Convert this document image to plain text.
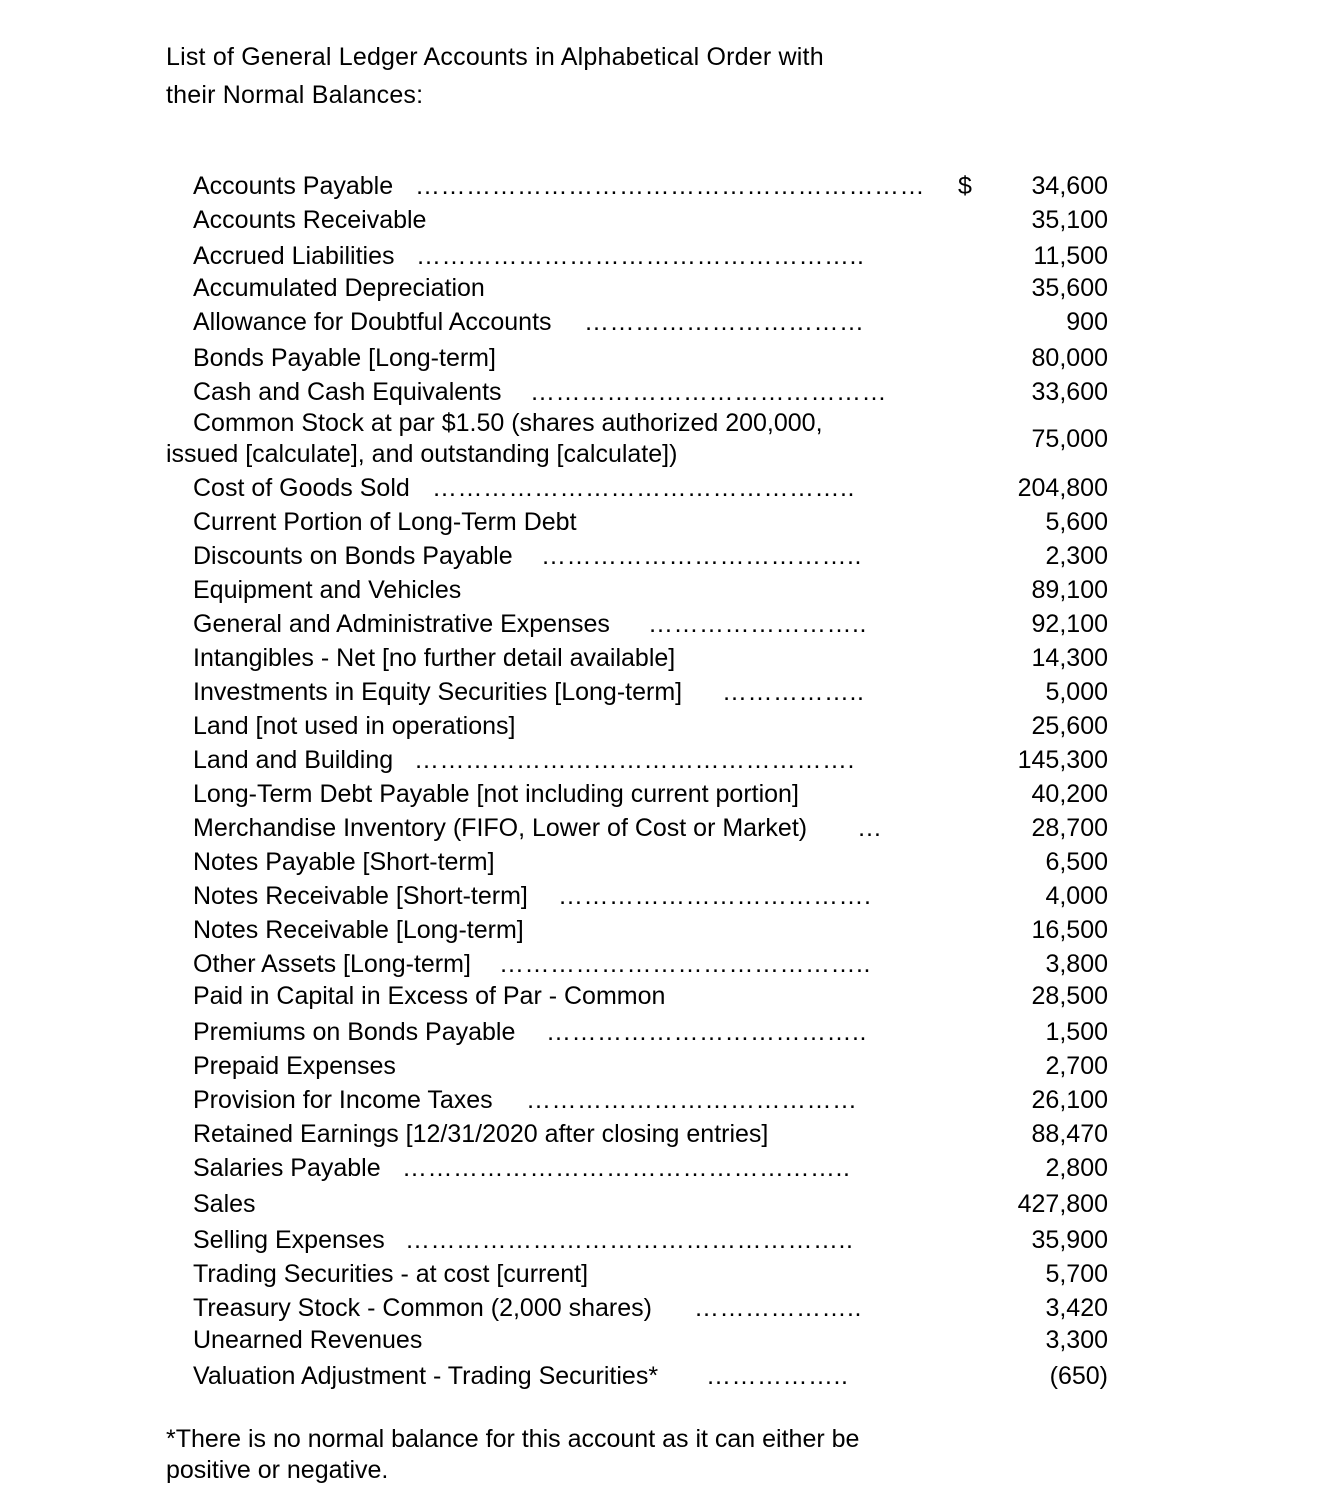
List of General Ledger Accounts in Alphabetical Order with
their Normal Balances:
Accounts Payable …………………………………………………… $ 34,600
Accounts Receivable	35,100
Accrued Liabilities ……………………………………………..	11,500
Accumulated Depreciation	35,600
Allowance for Doubtful Accounts ……………………………	900
Bonds Payable [Long-term]	80,000
Cash and Cash Equivalents ……………………………………	33,600
Common Stock at par $1.50 (shares authorized 200,000,
issued [calculate], and outstanding [calculate])
75,000
Cost of Goods Sold …………………………………………..	204,800
Current Portion of Long-Term Debt	5,600
Discounts on Bonds Payable ………………………………..	2,300
Equipment and Vehicles	89,100
General and Administrative Expenses ……………………..	92,100
Intangibles - Net [no further detail available]	14,300
Investments in Equity Securities [Long-term] ……………..	5,000
Land [not used in operations]	25,600
Land and Building …………………………………………….	145,300
Long-Term Debt Payable [not including current portion]	40,200
Merchandise Inventory (FIFO, Lower of Cost or Market) …	28,700
Notes Payable [Short-term]	6,500
Notes Receivable [Short-term] ……………………………….	4,000
Notes Receivable [Long-term]	16,500
Other Assets [Long-term] ……………………………………..	3,800
Paid in Capital in Excess of Par - Common	28,500
Premiums on Bonds Payable ………………………………..	1,500
Prepaid Expenses	2,700
Provision for Income Taxes …………………………………	26,100
Retained Earnings [12/31/2020 after closing entries]	88,470
Salaries Payable ……………………………………………..	2,800
Sales	427,800
Selling Expenses ……………………………………………..	35,900
Trading Securities - at cost [current]	5,700
Treasury Stock - Common (2,000 shares) ………………..	3,420
Unearned Revenues	3,300
Valuation Adjustment - Trading Securities* ……………..	(650)
*There is no normal balance for this account as it can either be
positive or negative.
